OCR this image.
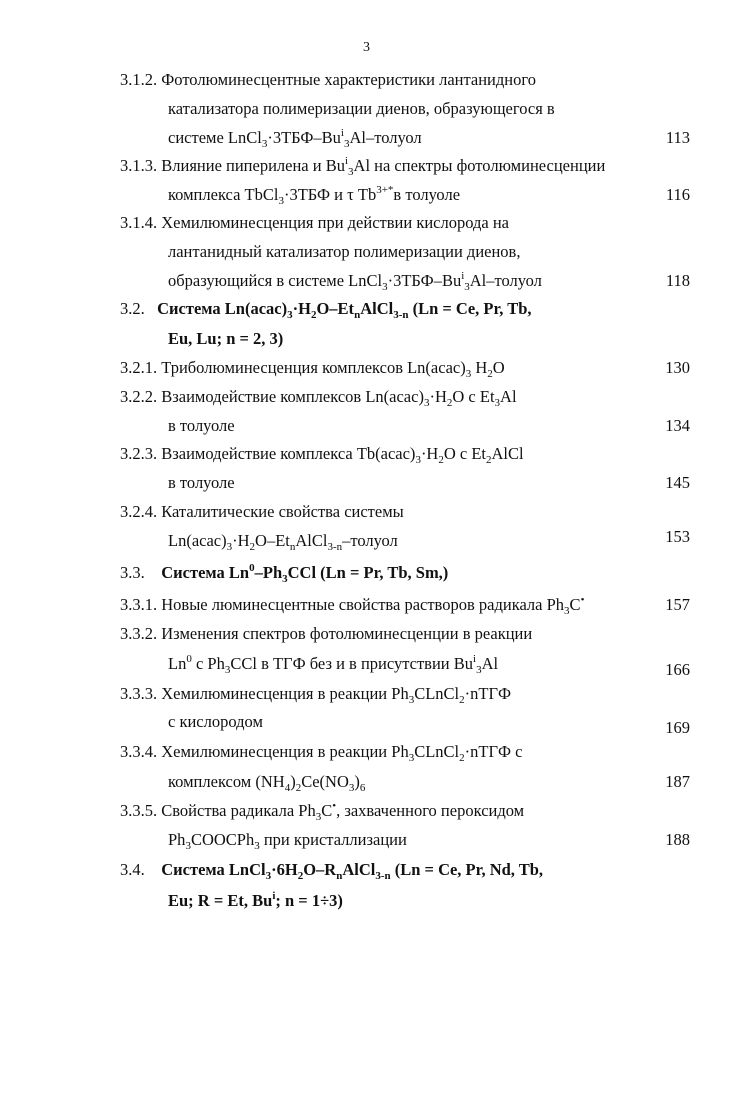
3
3.1.2. Фотолюминесцентные характеристики лантанидного
катализатора полимеризации диенов, образующегося в
системе $LnCl_3\cdot 3ТБФ-Bu^i_3Al$–толуол	113
3.1.3. Влияние пиперилена и $Bu^i_3Al$ на спектры фотолюминесценции
комплекса TbCl$_3$·3ТБФ и τ $Tb^{3+*}в$ толуоле	116
3.1.4. Хемилюминесценция при действии кислорода на
лантанидный катализатор полимеризации диенов,
образующийся в системе $LnCl_3\cdot 3ТБФ-Bu^i_3Al$–толуол	118
3.2. Система $Ln(acac)_3\cdot H_2O-Et_nAlCl_{3-n}$ (Ln = Ce, Pr, Tb,
Eu, Lu; n = 2, 3)
3.2.1. Триболюминесценция комплексов $Ln(acac)_3$ $H_2O$	130
3.2.2. Взаимодействие комплексов $Ln(acac)_3\cdot H_2O$ с $Et_3Al$
в толуоле	134
3.2.3. Взаимодействие комплекса $Tb(acac)_3\cdot H_2O$ с $Et_2AlCl$
в толуоле	145
3.2.4. Каталитические свойства системы
$Ln(acac)_3\cdot H_2O-Et_nAlCl_{3-n}$–толуол	153
3.3. Система $Ln^0-Ph_3CCl$ (Ln = Pr, Tb, Sm,)
3.3.1. Новые люминесцентные свойства растворов радикала $Ph_3C^•$	157
3.3.2. Изменения спектров фотолюминесценции в реакции
Ln$^0$ с $Ph_3CCl$ в ТГФ без и в присутствии $Bu^i_3Al$	166
3.3.3. Хемилюминесценция в реакции $Ph_3CLnCl_2\cdot nТГФ$
с кислородом	169
3.3.4. Хемилюминесценция в реакции $Ph_3CLnCl_2\cdot nТГФ$ с
комплексом $(NH_4)_2Ce(NO_3)_6$	187
3.3.5. Свойства радикала $Ph_3C^•$, захваченного пероксидом
$Ph_3COOCPh_3$ при кристаллизации	188
3.4. Система $LnCl_3\cdot 6H_2O-R_nAlCl_{3-n}$ (Ln = Ce, Pr, Nd, Tb,
Eu; R = Et, Bu$^i$; n = 1÷3)
